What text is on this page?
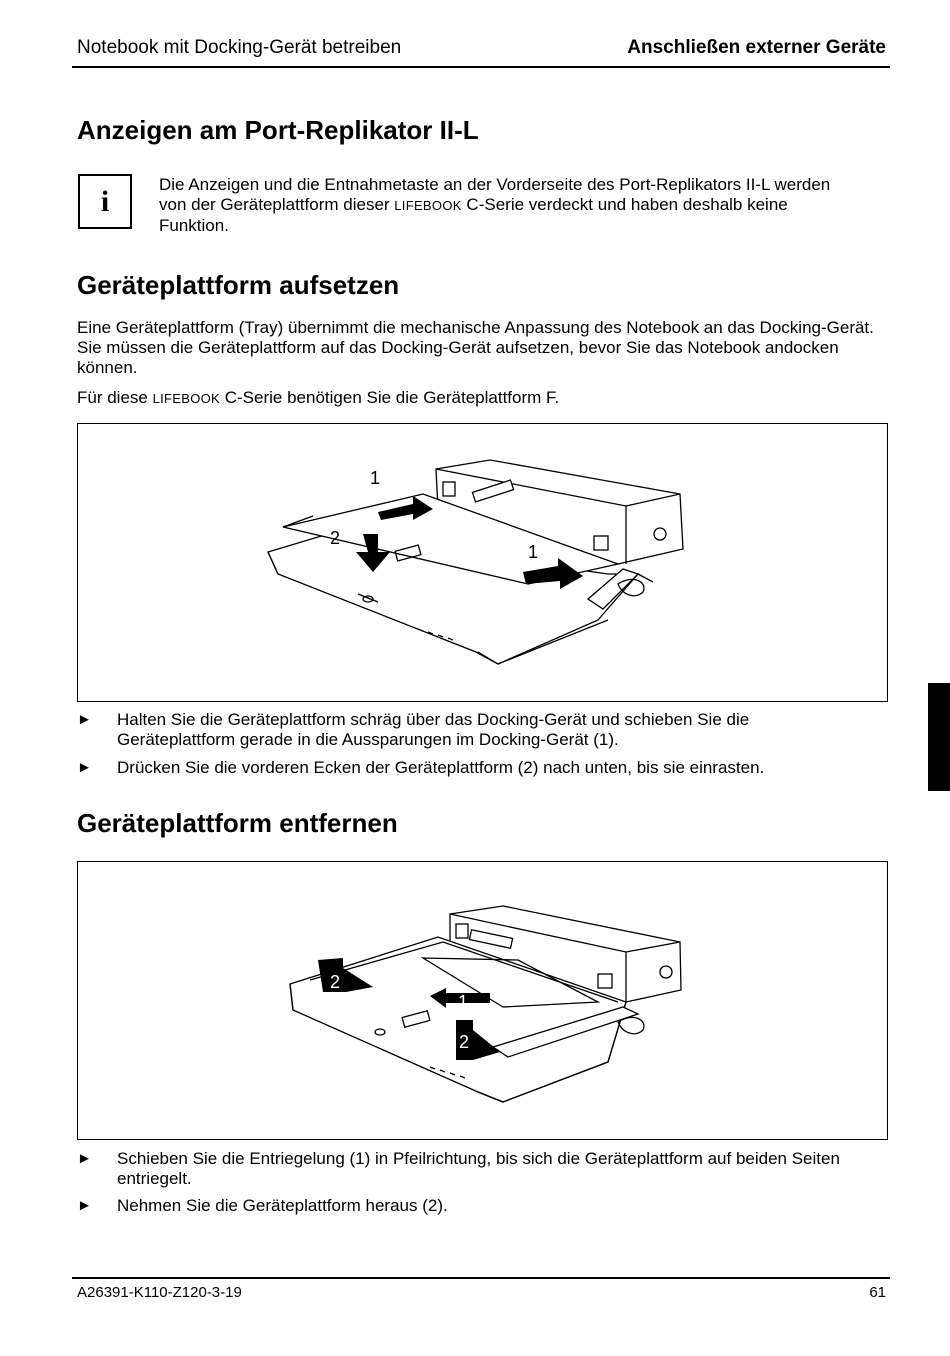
Notebook mit Docking-Gerät betreiben	Anschließen externer Geräte
Anzeigen am Port-Replikator II-L
i	Die Anzeigen und die Entnahmetaste an der Vorderseite des Port-Replikators II-L werden von der Geräteplattform dieser LIFEBOOK C-Serie verdeckt und haben deshalb keine Funktion.

Geräteplattform aufsetzen

Eine Geräteplattform (Tray) übernimmt die mechanische Anpassung des Notebook an das Docking-Gerät. Sie müssen die Geräteplattform auf das Docking-Gerät aufsetzen, bevor Sie das Notebook andocken können.

Für diese LIFEBOOK C-Serie benötigen Sie die Geräteplattform F.

1
2
1
► Halten Sie die Geräteplattform schräg über das Docking-Gerät und schieben Sie die Geräteplattform gerade in die Aussparungen im Docking-Gerät (1).
► Drücken Sie die vorderen Ecken der Geräteplattform (2) nach unten, bis sie einrasten.
Geräteplattform entfernen
2
1
2
► Schieben Sie die Entriegelung (1) in Pfeilrichtung, bis sich die Geräteplattform auf beiden Seiten entriegelt.
► Nehmen Sie die Geräteplattform heraus (2).
A26391-K110-Z120-3-19	61
